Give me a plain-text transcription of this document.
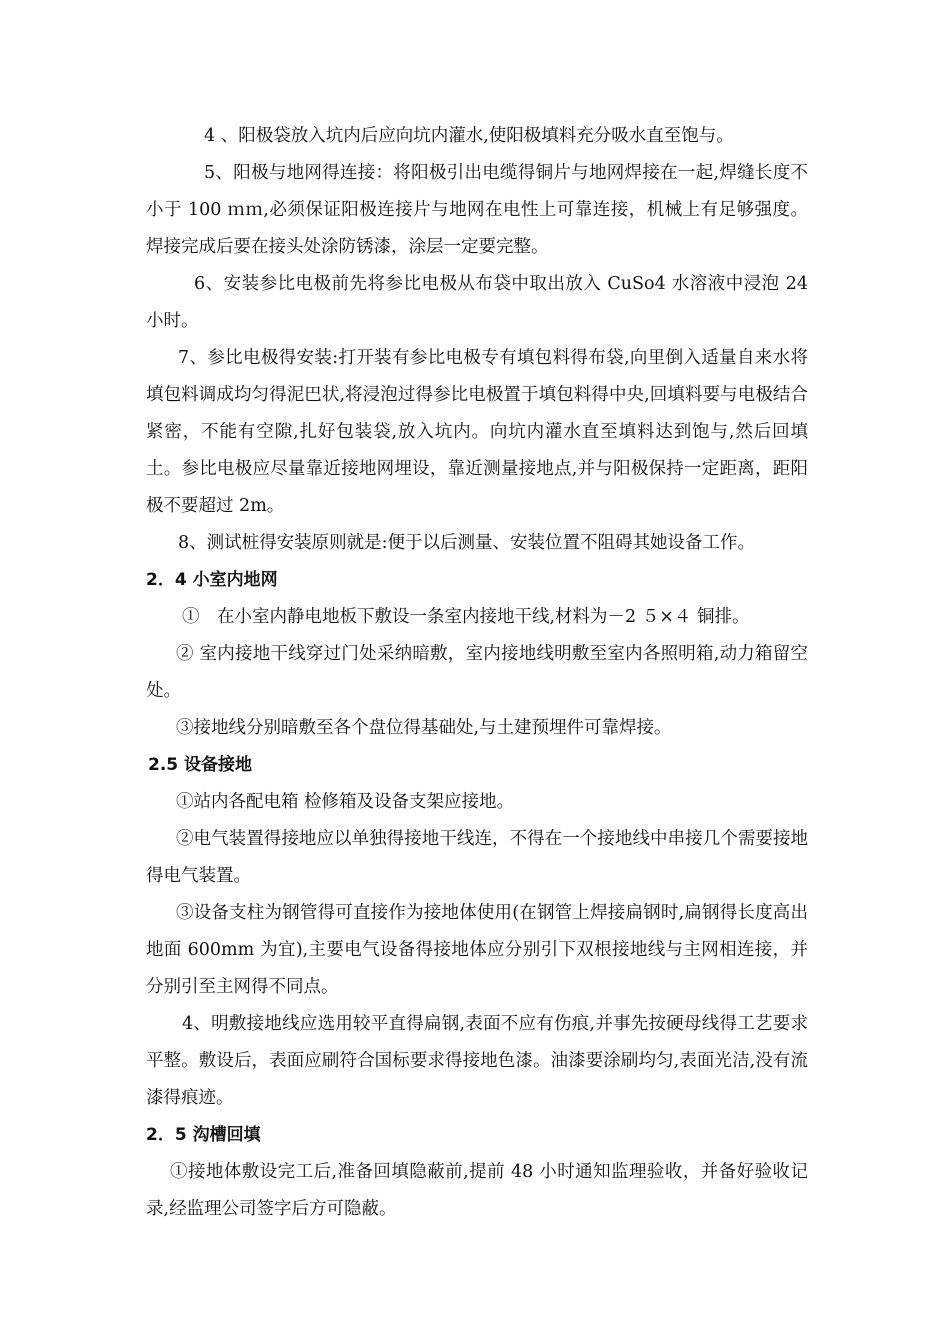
4 、阳极袋放入坑内后应向坑内灌水,使阳极填料充分吸水直至饱与。

5、阳极与地网得连接：将阳极引出电缆得铜片与地网焊接在一起,焊缝长度不小于 100 ｍｍ,必须保证阳极连接片与地网在电性上可靠连接，机械上有足够强度。焊接完成后要在接头处涂防锈漆，涂层一定要完整。

6、安装参比电极前先将参比电极从布袋中取出放入 CuSo4 水溶液中浸泡 24 小时。

7、参比电极得安装:打开装有参比电极专有填包料得布袋,向里倒入适量自来水将填包料调成均匀得泥巴状,将浸泡过得参比电极置于填包料得中央,回填料要与电极结合紧密，不能有空隙,扎好包装袋,放入坑内。向坑内灌水直至填料达到饱与,然后回填土。参比电极应尽量靠近接地网埋设，靠近测量接地点,并与阳极保持一定距离，距阳极不要超过 2m。

8、测试桩得安装原则就是:便于以后测量、安装位置不阻碍其她设备工作。

2．4 小室内地网

①　在小室内静电地板下敷设一条室内接地干线,材料为－2 ５×４ 铜排。

② 室内接地干线穿过门处采纳暗敷，室内接地线明敷至室内各照明箱,动力箱留空处。

③接地线分别暗敷至各个盘位得基础处,与土建预埋件可靠焊接。

2.5 设备接地

①站内各配电箱 检修箱及设备支架应接地。

②电气装置得接地应以单独得接地干线连，不得在一个接地线中串接几个需要接地得电气装置。

③设备支柱为钢管得可直接作为接地体使用(在钢管上焊接扁钢时,扁钢得长度高出地面 600mm 为宜),主要电气设备得接地体应分别引下双根接地线与主网相连接，并分别引至主网得不同点。

4、明敷接地线应选用较平直得扁钢,表面不应有伤痕,并事先按硬母线得工艺要求平整。敷设后，表面应刷符合国标要求得接地色漆。油漆要涂刷均匀,表面光洁,没有流漆得痕迹。

2．5 沟槽回填

①接地体敷设完工后,准备回填隐蔽前,提前 48 小时通知监理验收，并备好验收记录,经监理公司签字后方可隐蔽。
